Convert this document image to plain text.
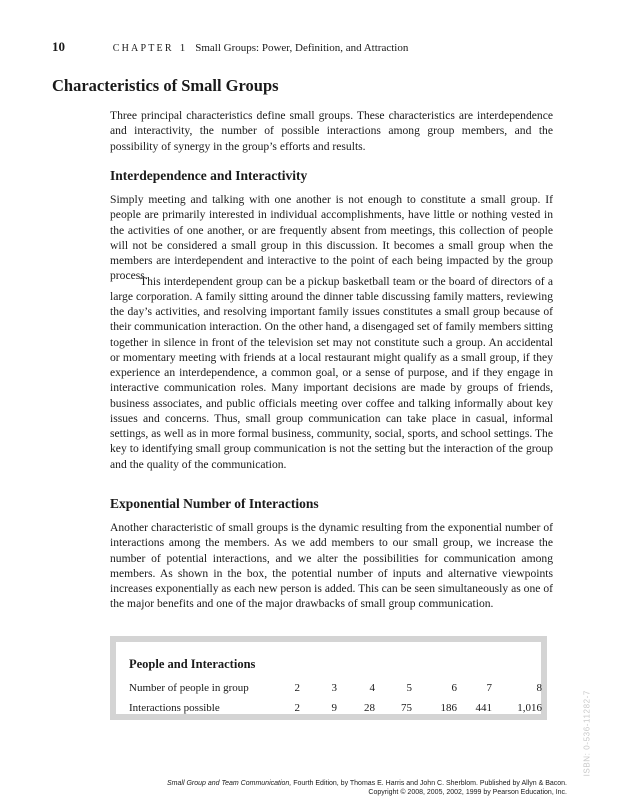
10	CHAPTER 1 Small Groups: Power, Definition, and Attraction
Characteristics of Small Groups
Three principal characteristics define small groups. These characteristics are interdependence and interactivity, the number of possible interactions among group members, and the possibility of synergy in the group’s efforts and results.
Interdependence and Interactivity
Simply meeting and talking with one another is not enough to constitute a small group. If people are primarily interested in individual accomplishments, have little or nothing vested in the activities of one another, or are frequently absent from meetings, this collection of people will not be considered a small group in this discussion. It becomes a small group when the members are interdependent and interactive to the point of each being impacted by the group process.
This interdependent group can be a pickup basketball team or the board of directors of a large corporation. A family sitting around the dinner table discussing family matters, reviewing the day’s activities, and resolving important family issues constitutes a small group because of their communication interaction. On the other hand, a disengaged set of family members sitting together in silence in front of the television set may not constitute such a group. An accidental or momentary meeting with friends at a local restaurant might qualify as a small group, if they experience an interdependence, a common goal, or a sense of purpose, and if they engage in interactive communication roles. Many important decisions are made by groups of friends, business associates, and public officials meeting over coffee and talking informally about key issues and concerns. Thus, small group communication can take place in casual, informal settings, as well as in more formal business, community, social, sports, and school settings. The key to identifying small group communication is not the setting but the interaction of the group and the quality of the communication.
Exponential Number of Interactions
Another characteristic of small groups is the dynamic resulting from the exponential number of interactions among the members. As we add members to our small group, we increase the number of potential interactions, and we alter the possibilities for communication among members. As shown in the box, the potential number of inputs and alternative viewpoints increases exponentially as each new person is added. This can be seen simultaneously as one of the major benefits and one of the major drawbacks of small group communication.
People and Interactions
Number of people in group	2	3	4	5	6	7	8
Interactions possible	2	9	28	75	186	441	1,016	ISBN: 0-536-11282-7
Small Group and Team Communication, Fourth Edition, by Thomas E. Harris and John C. Sherblom. Published by Allyn & Bacon.
Copyright © 2008, 2005, 2002, 1999 by Pearson Education, Inc.
